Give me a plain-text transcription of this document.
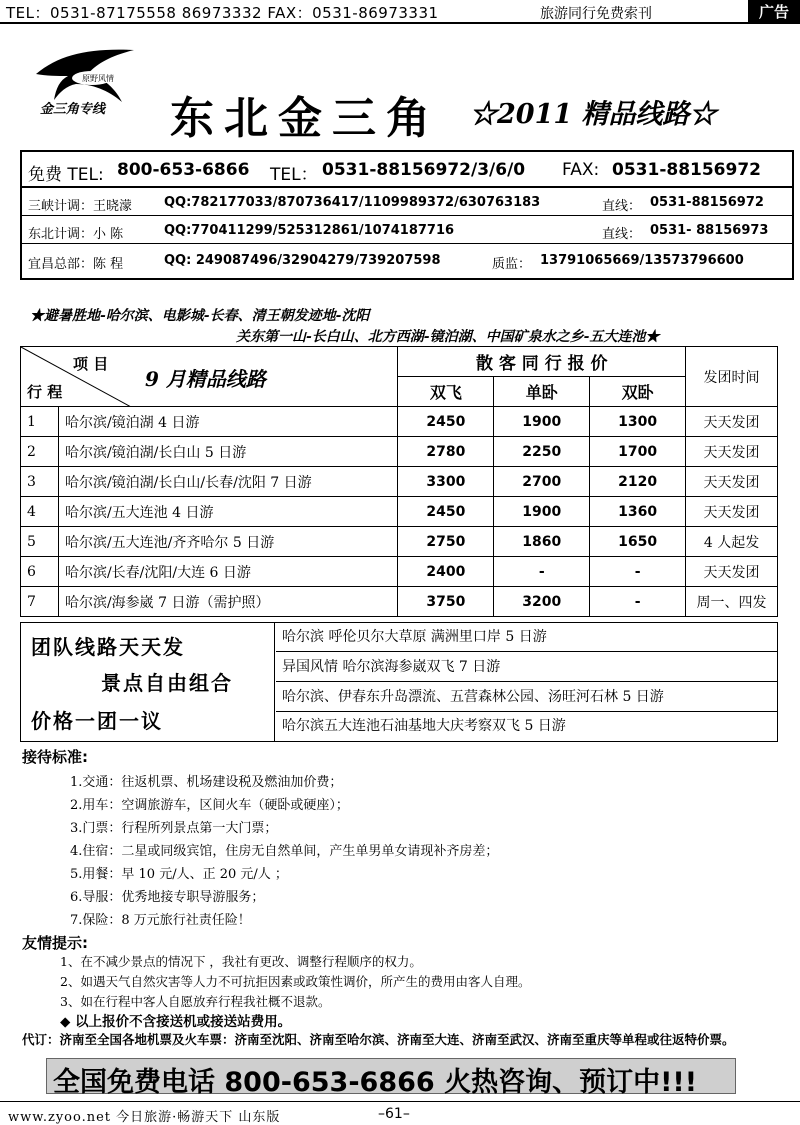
TEL：0531-87175558 86973332 FAX：0531-86973331	旅游同行免费索刊	广告
原野风情
金三角专线 东北金三角 ☆2011 精品线路☆
免费 TEL: 800-653-6866 TEL： 0531-88156972/3/6/0 FAX: 0531-88156972
三峡计调：王晓濛 QQ:782177033/870736417/1109989372/630763183	直线： 0531-88156972
东北计调：小 陈	QQ:770411299/525312861/1074187716	直线： 0531- 88156973
宜昌总部：陈 程	QQ: 249087496/32904279/739207598	质监： 13791065669/13573796600
★避暑胜地-哈尔滨、电影城-长春、清王朝发迹地-沈阳
关东第一山-长白山、北方西湖-镜泊湖、中国矿泉水之乡-五大连池★
项 目
行 程
9 月精品线路		散 客 同 行 报 价			发团时间
		双飞	单卧	双卧	
1	哈尔滨/镜泊湖 4 日游	2450	1900	1300	天天发团
2	哈尔滨/镜泊湖/长白山 5 日游	2780	2250	1700	天天发团
3	哈尔滨/镜泊湖/长白山/长春/沈阳 7 日游	3300	2700	2120	天天发团
4	哈尔滨/五大连池 4 日游	2450	1900	1360	天天发团
5	哈尔滨/五大连池/齐齐哈尔 5 日游	2750	1860	1650	4 人起发
6	哈尔滨/长春/沈阳/大连 6 日游	2400	-	-	天天发团
7	哈尔滨/海参崴 7 日游（需护照）	3750	3200	-	周一、四发
团队线路天天发
景点自由组合
价格一团一议
哈尔滨 呼伦贝尔大草原 满洲里口岸 5 日游
异国风情 哈尔滨海参崴双飞 7 日游
哈尔滨、伊春东升岛漂流、五营森林公园、汤旺河石林 5 日游
哈尔滨五大连池石油基地大庆考察双飞 5 日游
接待标准:
1.交通：往返机票、机场建设税及燃油加价费；
2.用车：空调旅游车，区间火车（硬卧或硬座）；
3.门票：行程所列景点第一大门票；
4.住宿：二星或同级宾馆，住房无自然单间，产生单男单女请现补齐房差；
5.用餐：早 10 元/人、正 20 元/人 ；
6.导服：优秀地接专职导游服务；
7.保险：8 万元旅行社责任险！
友情提示:
1、在不减少景点的情况下 ，我社有更改、调整行程顺序的权力。
2、如遇天气自然灾害等人力不可抗拒因素或政策性调价，所产生的费用由客人自理。
3、如在行程中客人自愿放弃行程我社概不退款。
◆ 以上报价不含接送机或接送站费用。
代订：济南至全国各地机票及火车票：济南至沈阳、济南至哈尔滨、济南至大连、济南至武汉、济南至重庆等单程或往返特价票。
全国免费电话 800-653-6866 火热咨询、预订中!!!
www.zyoo.net 今日旅游·畅游天下 山东版	–61–
